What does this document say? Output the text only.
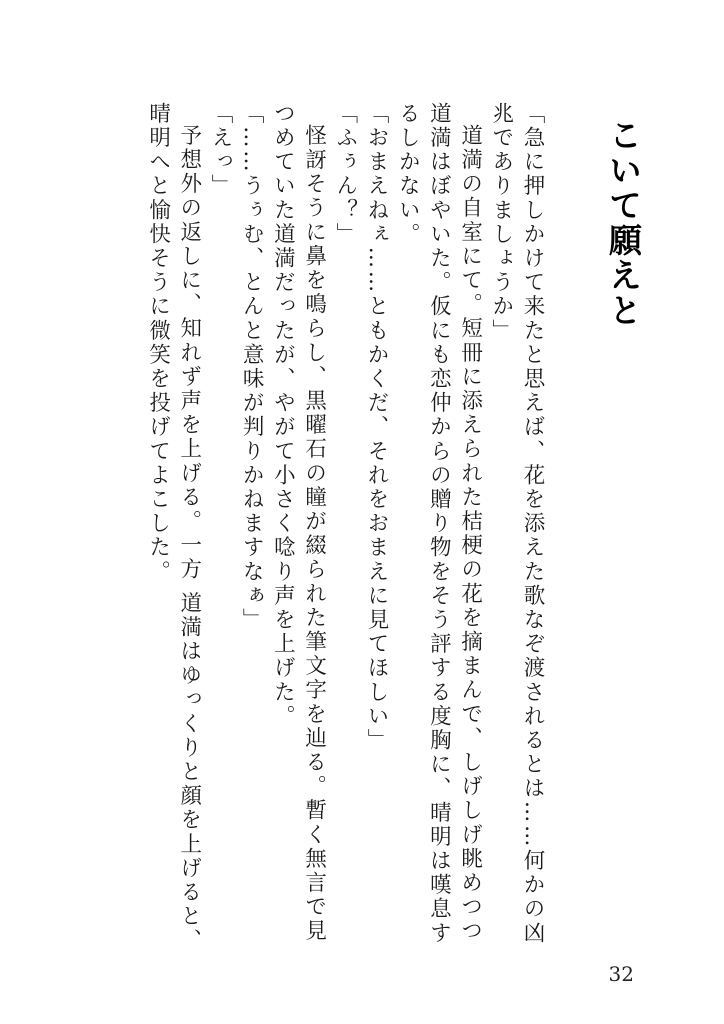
こいて願えと

「急に押しかけて来たと思えば、花を添えた歌なぞ渡されるとは……何かの凶兆でありましょうか」

道満の自室にて。短冊に添えられた桔梗の花を摘まんで、しげしげ眺めつつ道満はぼやいた。仮にも恋仲からの贈り物をそう評する度胸に、晴明は嘆息するしかない。

「おまえねぇ……ともかくだ、それをおまえに見てほしい」

「ふぅん？」

怪訝そうに鼻を鳴らし、黒曜石の瞳が綴られた筆文字を辿る。暫く無言で見つめていた道満だったが、やがて小さく唸り声を上げた。

「……うぅむ、とんと意味が判りかねますなぁ」

「えっ」

予想外の返しに、知れず声を上げる。一方 道満はゆっくりと顔を上げると、晴明へと愉快そうに微笑を投げてよこした。

32
